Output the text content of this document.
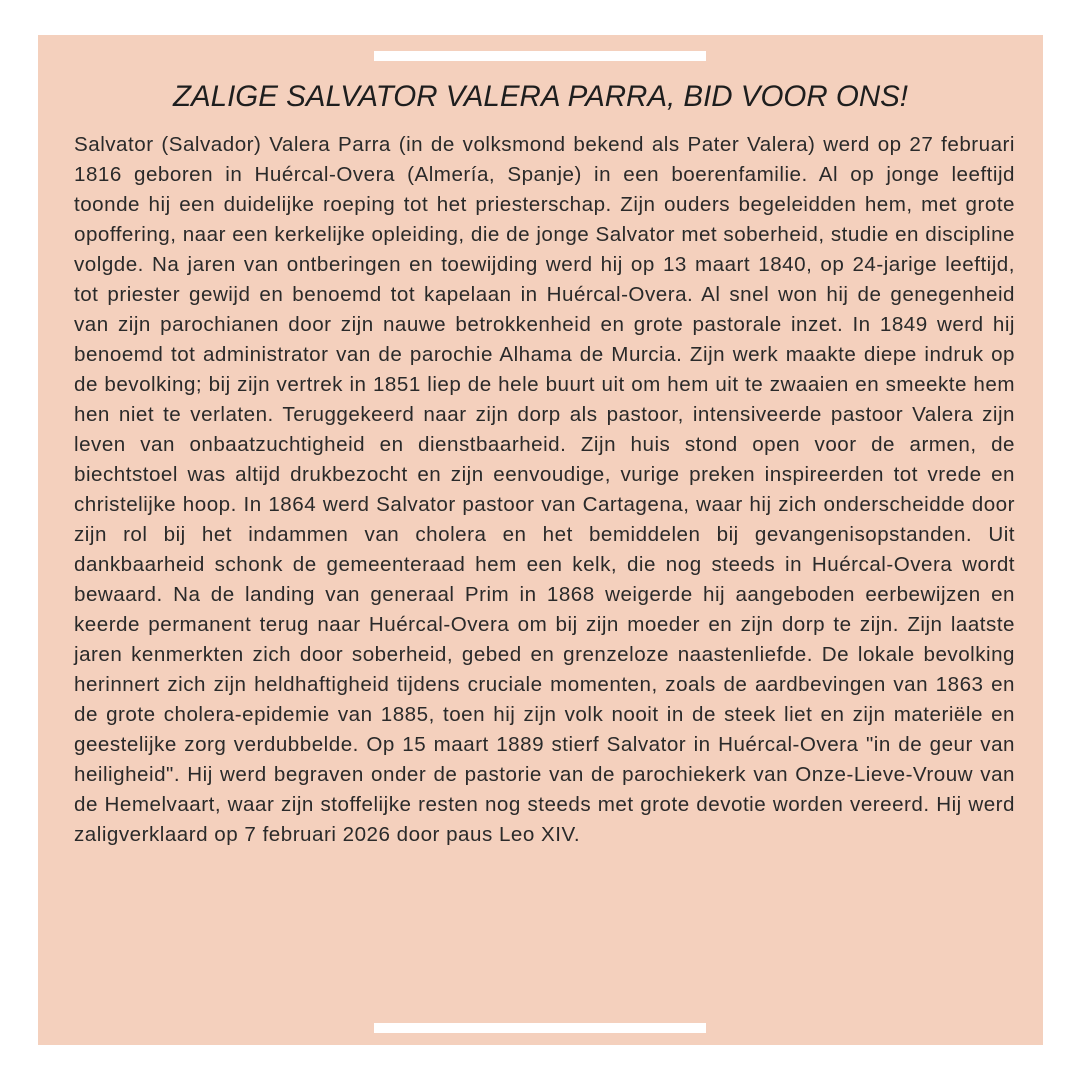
ZALIGE SALVATOR VALERA PARRA, BID VOOR ONS!

Salvator (Salvador) Valera Parra (in de volksmond bekend als Pater Valera) werd op 27 februari 1816 geboren in Huércal-Overa (Almería, Spanje) in een boerenfamilie. Al op jonge leeftijd toonde hij een duidelijke roeping tot het priesterschap. Zijn ouders begeleidden hem, met grote opoffering, naar een kerkelijke opleiding, die de jonge Salvator met soberheid, studie en discipline volgde. Na jaren van ontberingen en toewijding werd hij op 13 maart 1840, op 24-jarige leeftijd, tot priester gewijd en benoemd tot kapelaan in Huércal-Overa. Al snel won hij de genegenheid van zijn parochianen door zijn nauwe betrokkenheid en grote pastorale inzet. In 1849 werd hij benoemd tot administrator van de parochie Alhama de Murcia. Zijn werk maakte diepe indruk op de bevolking; bij zijn vertrek in 1851 liep de hele buurt uit om hem uit te zwaaien en smeekte hem hen niet te verlaten. Teruggekeerd naar zijn dorp als pastoor, intensiveerde pastoor Valera zijn leven van onbaatzuchtigheid en dienstbaarheid. Zijn huis stond open voor de armen, de biechtstoel was altijd drukbezocht en zijn eenvoudige, vurige preken inspireerden tot vrede en christelijke hoop. In 1864 werd Salvator pastoor van Cartagena, waar hij zich onderscheidde door zijn rol bij het indammen van cholera en het bemiddelen bij gevangenisopstanden. Uit dankbaarheid schonk de gemeenteraad hem een kelk, die nog steeds in Huércal-Overa wordt bewaard. Na de landing van generaal Prim in 1868 weigerde hij aangeboden eerbewijzen en keerde permanent terug naar Huércal-Overa om bij zijn moeder en zijn dorp te zijn. Zijn laatste jaren kenmerkten zich door soberheid, gebed en grenzeloze naastenliefde. De lokale bevolking herinnert zich zijn heldhaftigheid tijdens cruciale momenten, zoals de aardbevingen van 1863 en de grote cholera-epidemie van 1885, toen hij zijn volk nooit in de steek liet en zijn materiële en geestelijke zorg verdubbelde. Op 15 maart 1889 stierf Salvator in Huércal-Overa "in de geur van heiligheid". Hij werd begraven onder de pastorie van de parochiekerk van Onze-Lieve-Vrouw van de Hemelvaart, waar zijn stoffelijke resten nog steeds met grote devotie worden vereerd. Hij werd zaligverklaard op 7 februari 2026 door paus Leo XIV.
